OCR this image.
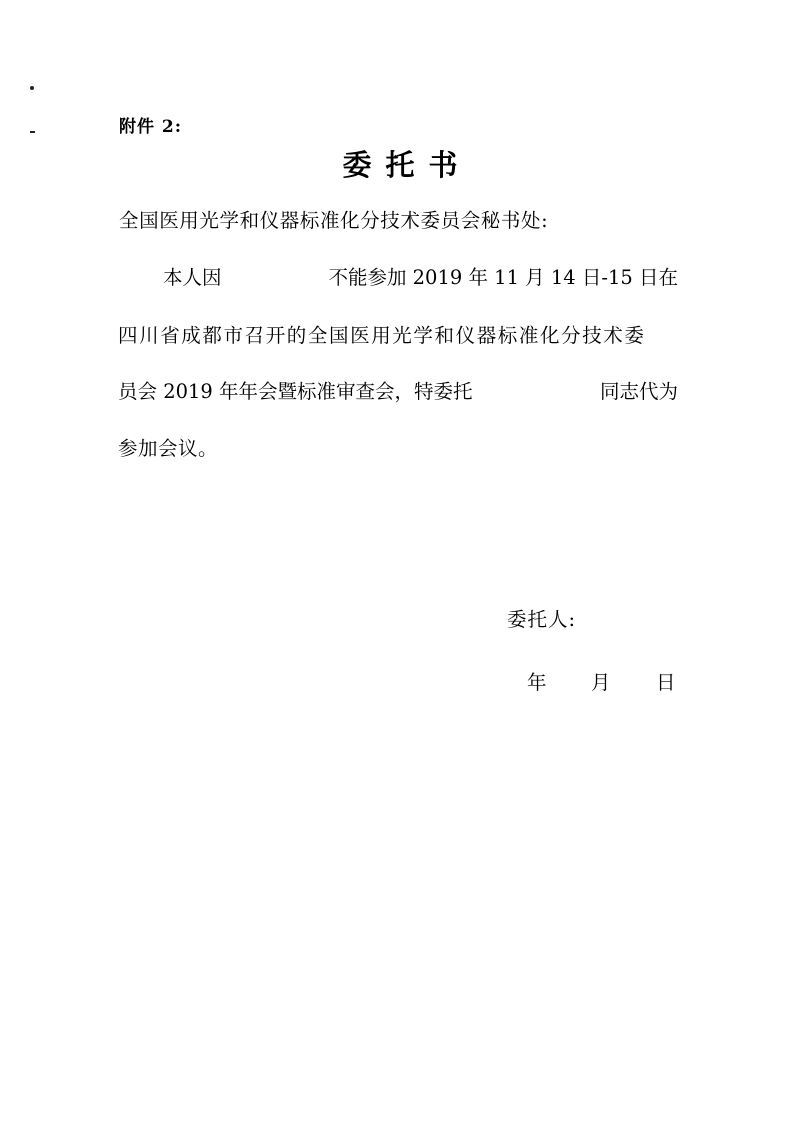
附件 2:
委托书
全国医用光学和仪器标准化分技术委员会秘书处:
本人因	不能参加 2019 年 11 月 14 日-15 日在
四川省成都市召开的全国医用光学和仪器标准化分技术委
员会 2019 年年会暨标准审查会，特委托	同志代为
参加会议。
委托人:
年 月 日
